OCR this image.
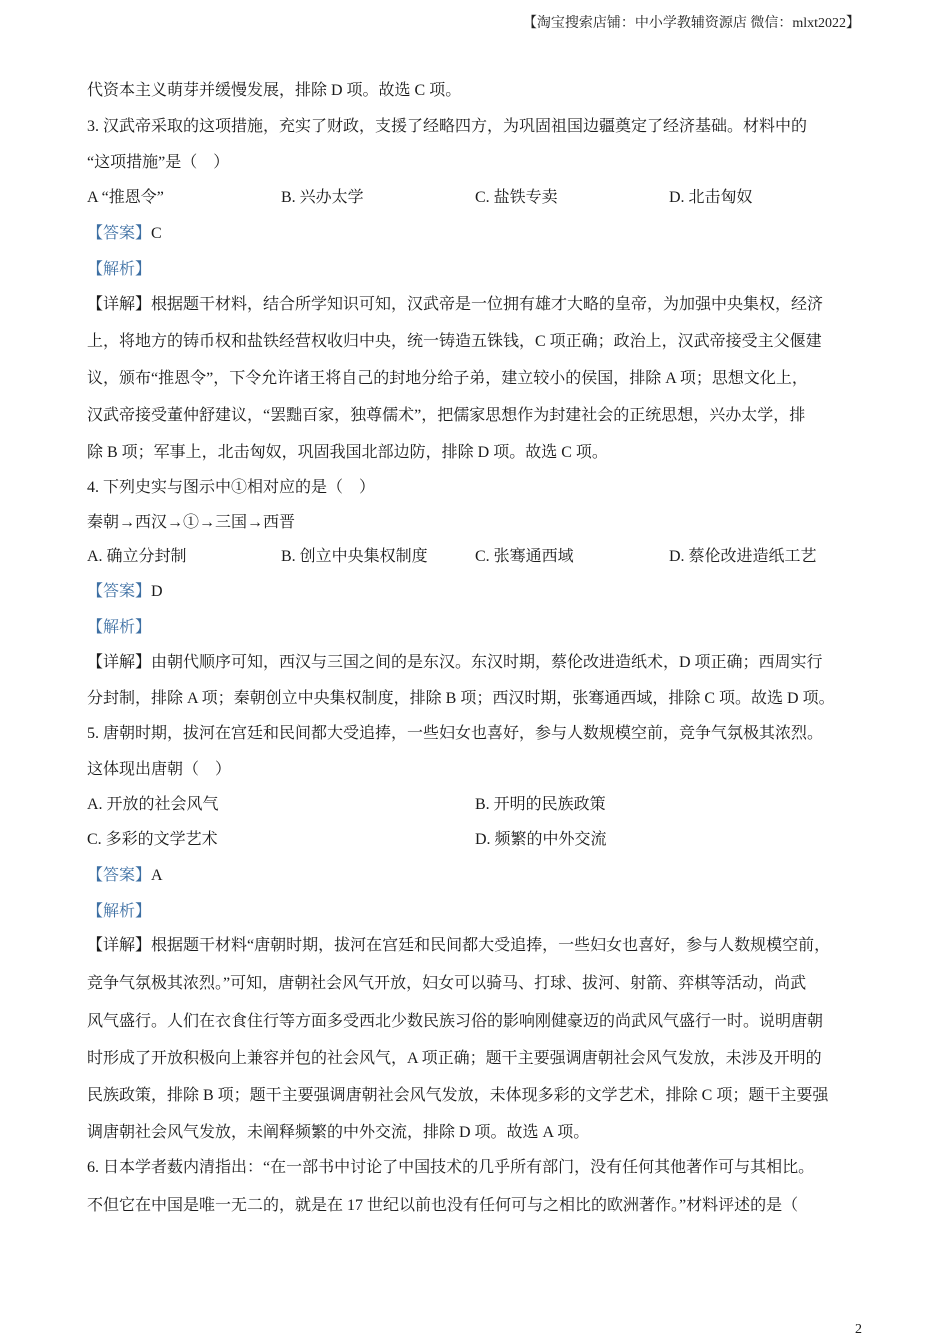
【淘宝搜索店铺：中小学教辅资源店 微信：mlxt2022】
代资本主义萌芽并缓慢发展，排除 D 项。故选 C 项。
3. 汉武帝采取的这项措施，充实了财政，支援了经略四方，为巩固祖国边疆奠定了经济基础。材料中的
“这项措施”是（　）
A “推恩令”	B. 兴办太学	C. 盐铁专卖	D. 北击匈奴
【答案】C
【解析】
【详解】根据题干材料，结合所学知识可知，汉武帝是一位拥有雄才大略的皇帝，为加强中央集权，经济
上，将地方的铸币权和盐铁经营权收归中央，统一铸造五铢钱，C 项正确；政治上，汉武帝接受主父偃建
议，颁布“推恩令”，下令允许诸王将自己的封地分给子弟，建立较小的侯国，排除 A 项；思想文化上，
汉武帝接受董仲舒建议，“罢黜百家，独尊儒术”，把儒家思想作为封建社会的正统思想，兴办太学，排
除 B 项；军事上，北击匈奴，巩固我国北部边防，排除 D 项。故选 C 项。
4. 下列史实与图示中①相对应的是（　）
秦朝→西汉→①→三国→西晋
A. 确立分封制	B. 创立中央集权制度	C. 张骞通西域	D. 蔡伦改进造纸工艺
【答案】D
【解析】
【详解】由朝代顺序可知，西汉与三国之间的是东汉。东汉时期，蔡伦改进造纸术，D 项正确；西周实行
分封制，排除 A 项；秦朝创立中央集权制度，排除 B 项；西汉时期，张骞通西域，排除 C 项。故选 D 项。
5. 唐朝时期，拔河在宫廷和民间都大受追捧，一些妇女也喜好，参与人数规模空前，竞争气氛极其浓烈。
这体现出唐朝（　）
A. 开放的社会风气	B. 开明的民族政策
C. 多彩的文学艺术	D. 频繁的中外交流
【答案】A
【解析】
【详解】根据题干材料“唐朝时期，拔河在宫廷和民间都大受追捧，一些妇女也喜好，参与人数规模空前，
竞争气氛极其浓烈。”可知，唐朝社会风气开放，妇女可以骑马、打球、拔河、射箭、弈棋等活动，尚武
风气盛行。人们在衣食住行等方面多受西北少数民族习俗的影响刚健豪迈的尚武风气盛行一时。说明唐朝
时形成了开放积极向上兼容并包的社会风气，A 项正确；题干主要强调唐朝社会风气发放，未涉及开明的
民族政策，排除 B 项；题干主要强调唐朝社会风气发放，未体现多彩的文学艺术，排除 C 项；题干主要强
调唐朝社会风气发放，未阐释频繁的中外交流，排除 D 项。故选 A 项。
6. 日本学者薮内清指出：“在一部书中讨论了中国技术的几乎所有部门，没有任何其他著作可与其相比。
不但它在中国是唯一无二的，就是在 17 世纪以前也没有任何可与之相比的欧洲著作。”材料评述的是（
2
